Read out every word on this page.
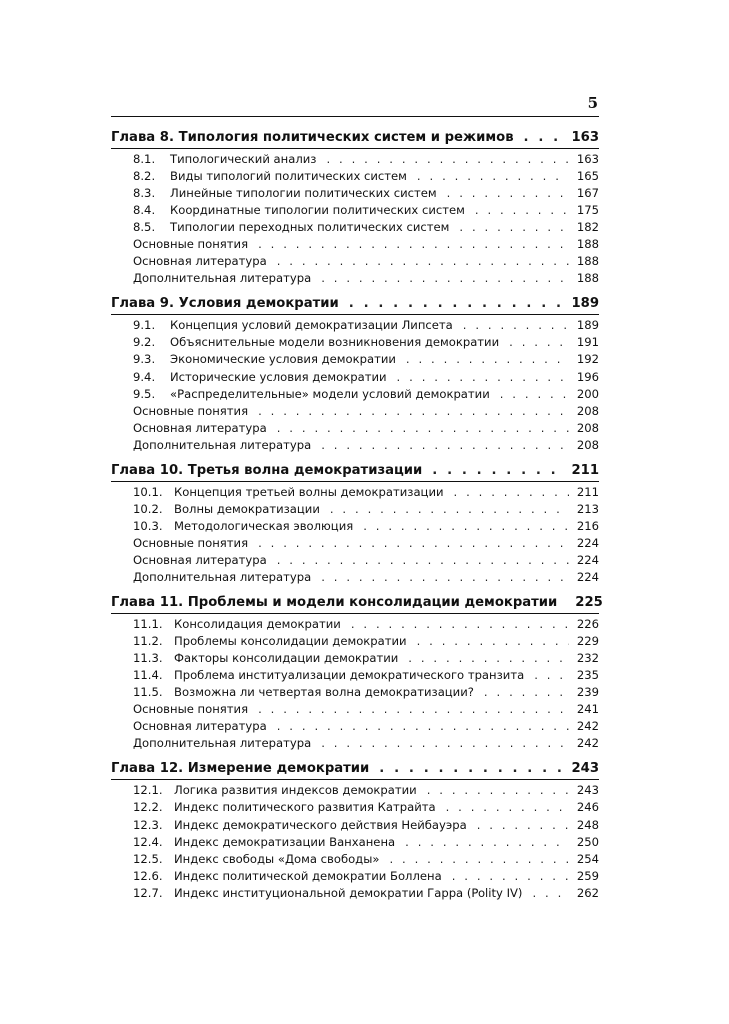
5
Глава 8. Типология политических систем и режимов . . .	163
8.1.	Типологический анализ . . .	163
8.2.	Виды типологий политических систем . . .	165
8.3.	Линейные типологии политических систем . . .	167
8.4.	Координатные типологии политических систем . . .	175
8.5.	Типологии переходных политических систем . . .	182
Основные понятия . . .	188
Основная литература . . .	188
Дополнительная литература . . .	188
Глава 9. Условия демократии . . .	189
9.1.	Концепция условий демократизации Липсета . . .	189
9.2.	Объяснительные модели возникновения демократии . . .	191
9.3.	Экономические условия демократии . . .	192
9.4.	Исторические условия демократии . . .	196
9.5.	«Распределительные» модели условий демократии . . .	200
Основные понятия . . .	208
Основная литература . . .	208
Дополнительная литература . . .	208
Глава 10. Третья волна демократизации . . .	211
10.1. Концепция третьей волны демократизации . . .	211
10.2. Волны демократизации . . .	213
10.3. Методологическая эволюция . . .	216
Основные понятия . . .	224
Основная литература . . .	224
Дополнительная литература . . .	224
Глава 11. Проблемы и модели консолидации демократии 225
11.1. Консолидация демократии . . .	226
11.2. Проблемы консолидации демократии . . .	229
11.3. Факторы консолидации демократии . . .	232
11.4. Проблема институализации демократического транзита . . .	235
11.5. Возможна ли четвертая волна демократизации? . . .	239
Основные понятия . . .	241
Основная литература . . .	242
Дополнительная литература . . .	242
Глава 12. Измерение демократии . . .	243
12.1. Логика развития индексов демократии . . .	243
12.2. Индекс политического развития Катрайта . . .	246
12.3. Индекс демократического действия Нейбауэра . . .	248
12.4. Индекс демократизации Ванханена . . .	250
12.5. Индекс свободы «Дома свободы» . . .	254
12.6. Индекс политической демократии Боллена . . .	259
12.7. Индекс институциональной демократии Гарра (Polity IV) . . .	262
